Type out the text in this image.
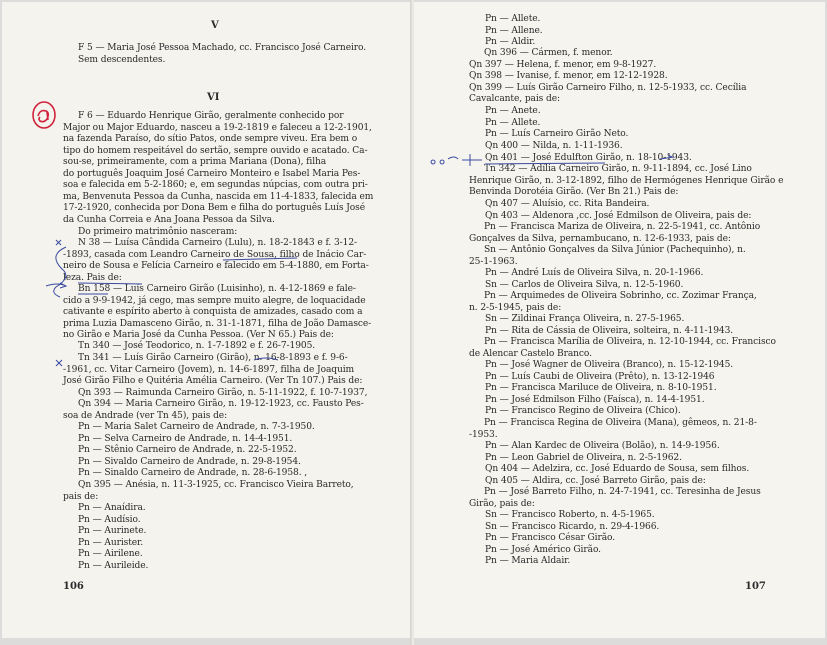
V
F 5 — Maria José Pessoa Machado, cc. Francisco José Carneiro.
Sem descendentes.
VI
F 6 — Eduardo Henrique Girão, geralmente conhecido por
Major ou Major Eduardo, nasceu a 19-2-1819 e faleceu a 12-2-1901,
na fazenda Paraíso, do sítio Patos, onde sempre viveu. Era bem o
tipo do homem respeitável do sertão, sempre ouvido e acatado. Ca-
sou-se, primeiramente, com a prima Mariana (Dona), filha
do português Joaquim José Carneiro Monteiro e Isabel Maria Pes-
soa e falecida em 5-2-1860; e, em segundas núpcias, com outra pri-
ma, Benvenuta Pessoa da Cunha, nascida em 11-4-1833, falecida em
17-2-1920, conhecida por Dona Bem e filha do português Luís José
da Cunha Correia e Ana Joana Pessoa da Silva.
Do primeiro matrimônio nasceram:
N 38 — Luísa Cândida Carneiro (Lulu), n. 18-2-1843 e f. 3-12-
-1893, casada com Leandro Carneiro de Sousa, filho de Inácio Car-
neiro de Sousa e Felícia Carneiro e falecido em 5-4-1880, em Forta-
leza. Pais de:
Bn 158 — Luís Carneiro Girão (Luisinho), n. 4-12-1869 e fale-
cido a 9-9-1942, já cego, mas sempre muito alegre, de loquacidade
cativante e espírito aberto à conquista de amizades, casado com a
prima Luzia Damasceno Girão, n. 31-1-1871, filha de João Damasce-
no Girão e Maria José da Cunha Pessoa. (Ver N 65.) Pais de:
Tn 340 — José Teodorico, n. 1-7-1892 e f. 26-7-1905.
Tn 341 — Luís Girão Carneiro (Girão), n. 16-8-1893 e f. 9-6-
-1961, cc. Vitar Carneiro (Jovem), n. 14-6-1897, filha de Joaquim
José Girão Filho e Quitéria Amélia Carneiro. (Ver Tn 107.) Pais de:
Qn 393 — Raimunda Carneiro Girão, n. 5-11-1922, f. 10-7-1937,
Qn 394 — Maria Carneiro Girão, n. 19-12-1923, cc. Fausto Pes-
soa de Andrade (ver Tn 45), pais de:
Pn — Maria Salet Carneiro de Andrade, n. 7-3-1950.
Pn — Selva Carneiro de Andrade, n. 14-4-1951.
Pn — Stênio Carneiro de Andrade, n. 22-5-1952.
Pn — Sivaldo Carneiro de Andrade, n. 29-8-1954.
Pn — Sinaldo Carneiro de Andrade, n. 28-6-1958. ,
Qn 395 — Anésia, n. 11-3-1925, cc. Francisco Vieira Barreto,
pais de:
Pn — Anaídira.
Pn — Audísio.
Pn — Aurinete.
Pn — Aurister.
Pn — Airilene.
Pn — Aurileide.
106
Pn — Allete.
Pn — Allene.
Pn — Aldir.
Qn 396 — Cármen, f. menor.
Qn 397 — Helena, f. menor, em 9-8-1927.
Qn 398 — Ivanise, f. menor, em 12-12-1928.
Qn 399 — Luís Girão Carneiro Filho, n. 12-5-1933, cc. Cecília
Cavalcante, pais de:
Pn — Anete.
Pn — Allete.
Pn — Luís Carneiro Girão Neto.
Qn 400 — Nilda, n. 1-11-1936.
Qn 401 — José Edulfton Girão, n. 18-10-1943.
Tn 342 — Adília Carneiro Girão, n. 9-11-1894, cc. José Lino
Henrique Girão, n. 3-12-1892, filho de Hermógenes Henrique Girão e
Benvinda Dorotéia Girão. (Ver Bn 21.) Pais de:
Qn 407 — Aluísio, cc. Rita Bandeira.
Qn 403 — Aldenora ,cc. José Edmilson de Oliveira, pais de:
Pn — Francisca Mariza de Oliveira, n. 22-5-1941, cc. Antônio
Gonçalves da Silva, pernambucano, n. 12-6-1933, pais de:
Sn — Antônio Gonçalves da Silva Júnior (Pachequinho), n.
25-1-1963.
Pn — André Luís de Oliveira Silva, n. 20-1-1966.
Sn — Carlos de Oliveira Silva, n. 12-5-1960.
Pn — Arquimedes de Oliveira Sobrinho, cc. Zozimar França,
n. 2-5-1945, pais de:
Sn — Zildinai França Oliveira, n. 27-5-1965.
Pn — Rita de Cássia de Oliveira, solteira, n. 4-11-1943.
Pn — Francisca Marília de Oliveira, n. 12-10-1944, cc. Francisco
de Alencar Castelo Branco.
Pn — José Wagner de Oliveira (Branco), n. 15-12-1945.
Pn — Luís Caubi de Oliveira (Prêto), n. 13-12-1946
Pn — Francisca Mariluce de Oliveira, n. 8-10-1951.
Pn — José Edmilson Filho (Faísca), n. 14-4-1951.
Pn — Francisco Regino de Oliveira (Chico).
Pn — Francisca Regina de Oliveira (Mana), gêmeos, n. 21-8-
-1953.
Pn — Alan Kardec de Oliveira (Bolão), n. 14-9-1956.
Pn — Leon Gabriel de Oliveira, n. 2-5-1962.
Qn 404 — Adelzira, cc. José Eduardo de Sousa, sem filhos.
Qn 405 — Aldira, cc. José Barreto Girão, pais de:
Pn — José Barreto Filho, n. 24-7-1941, cc. Teresinha de Jesus
Girão, pais de:
Sn — Francisco Roberto, n. 4-5-1965.
Sn — Francisco Ricardo, n. 29-4-1966.
Pn — Francisco César Girão.
Pn — José Américo Girão.
Pn — Maria Aldair.
107
